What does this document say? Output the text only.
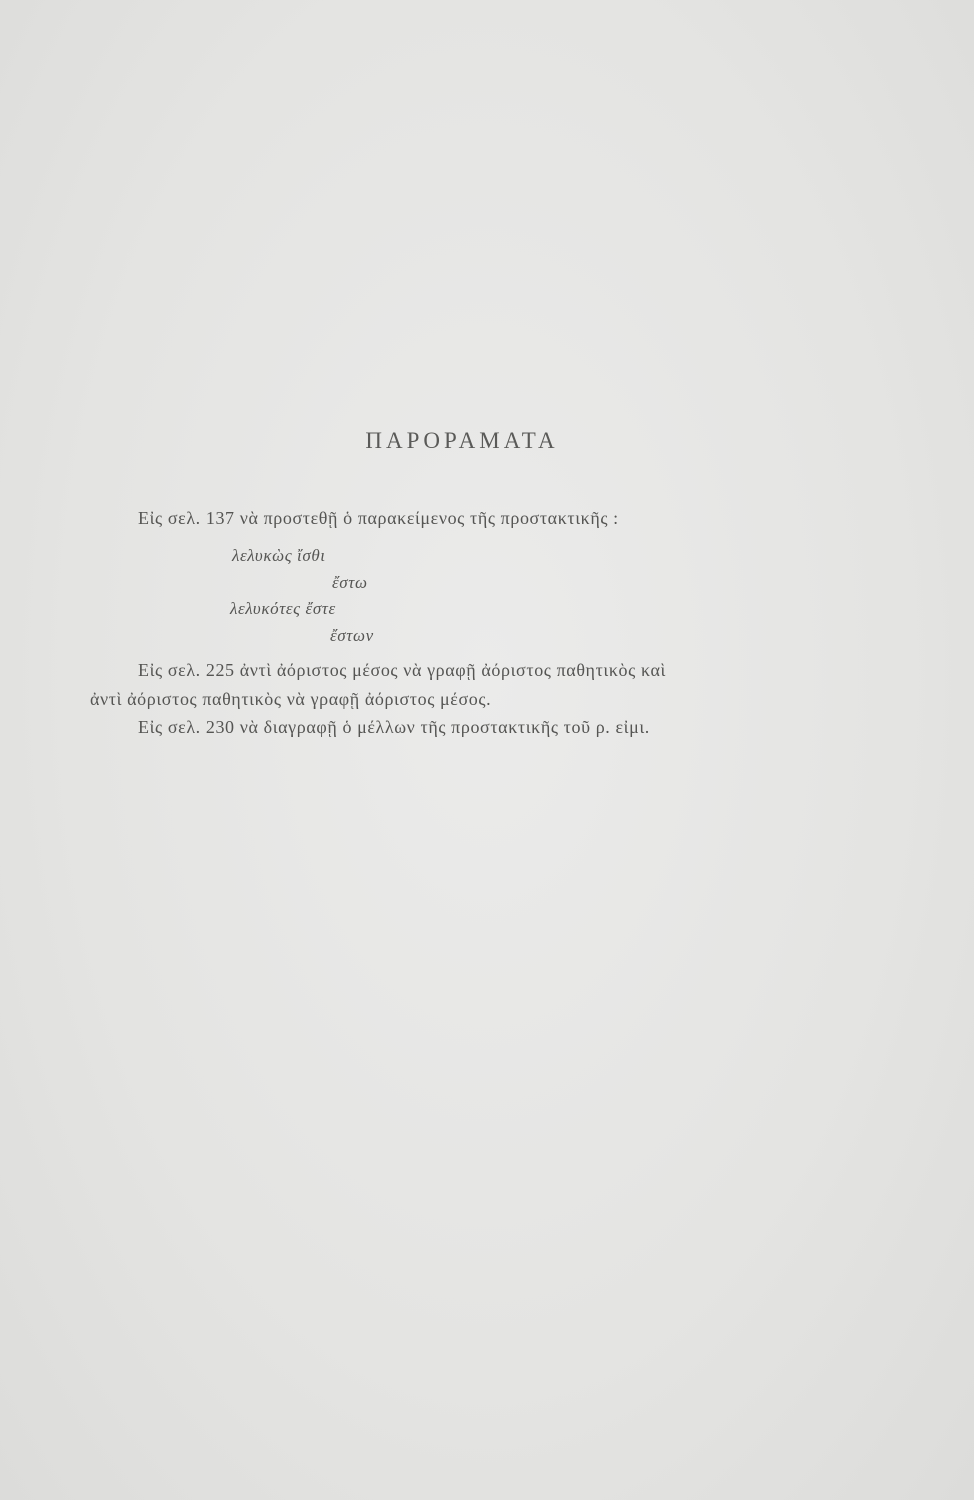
ΠΑΡΟΡΑΜΑΤΑ
Εἰς σελ. 137 νὰ προστεθῇ ὁ παρακείμενος τῆς προστακτικῆς :
λελυκὼς ἴσθι
ἔστω
λελυκότες ἔστε
ἔστων
Εἰς σελ. 225 ἀντὶ ἀόριστος μέσος νὰ γραφῇ ἀόριστος παθητικὸς καὶ
ἀντὶ ἀόριστος παθητικὸς νὰ γραφῇ ἀόριστος μέσος.
Εἰς σελ. 230 νὰ διαγραφῇ ὁ μέλλων τῆς προστακτικῆς τοῦ ρ. εἰμι.
